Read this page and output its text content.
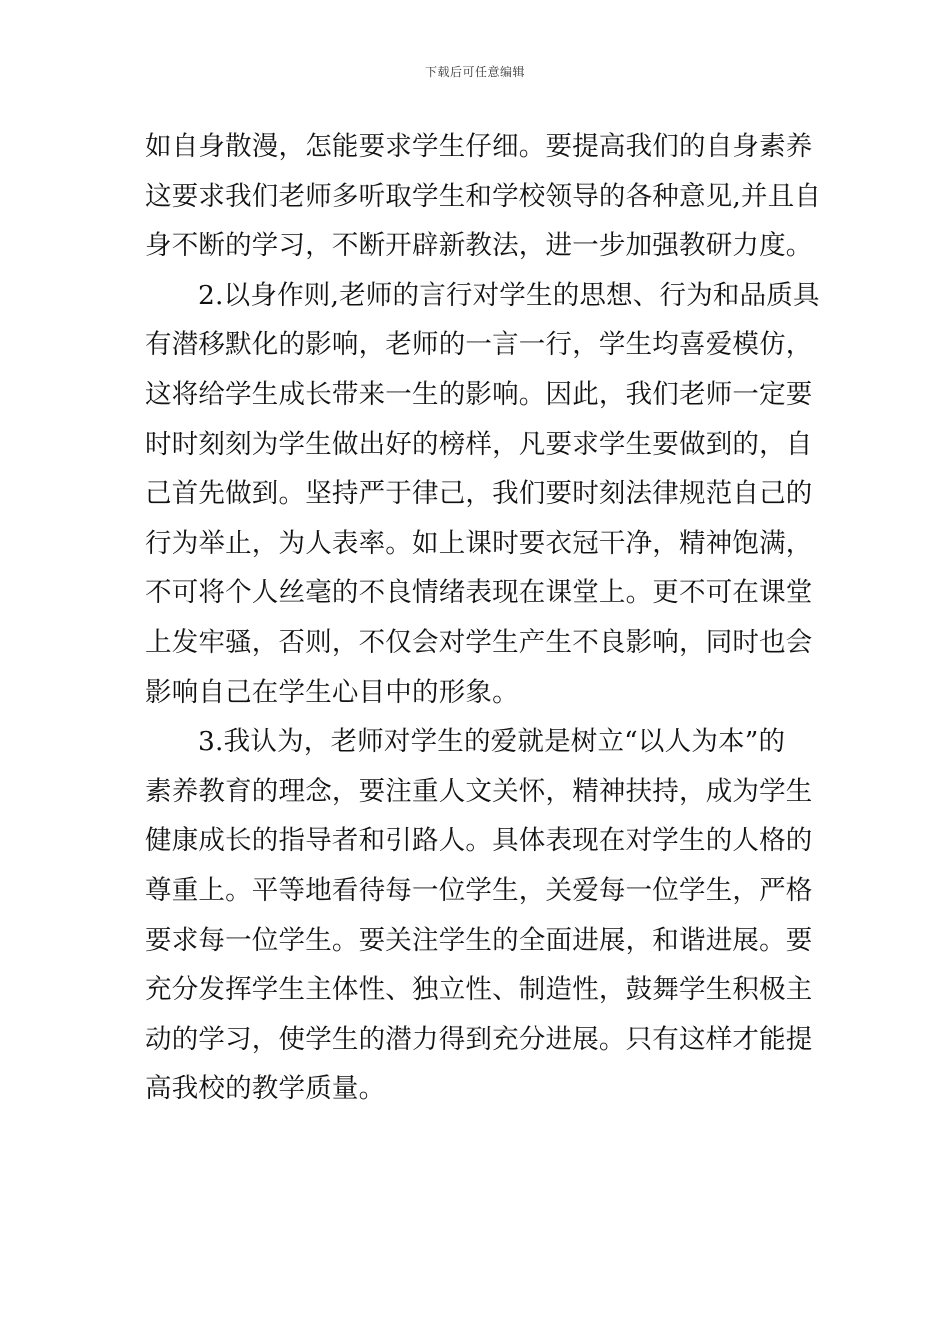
下载后可任意编辑
如自身散漫，怎能要求学生仔细。要提高我们的自身素养
这要求我们老师多听取学生和学校领导的各种意见,并且自
身不断的学习，不断开辟新教法，进一步加强教研力度。
2.以身作则,老师的言行对学生的思想、行为和品质具
有潜移默化的影响，老师的一言一行，学生均喜爱模仿，
这将给学生成长带来一生的影响。因此，我们老师一定要
时时刻刻为学生做出好的榜样，凡要求学生要做到的，自
己首先做到。坚持严于律己，我们要时刻法律规范自己的
行为举止，为人表率。如上课时要衣冠干净，精神饱满，
不可将个人丝毫的不良情绪表现在课堂上。更不可在课堂
上发牢骚，否则，不仅会对学生产生不良影响，同时也会
影响自己在学生心目中的形象。
3.我认为，老师对学生的爱就是树立“以人为本”的
素养教育的理念，要注重人文关怀，精神扶持，成为学生
健康成长的指导者和引路人。具体表现在对学生的人格的
尊重上。平等地看待每一位学生，关爱每一位学生，严格
要求每一位学生。要关注学生的全面进展，和谐进展。要
充分发挥学生主体性、独立性、制造性，鼓舞学生积极主
动的学习，使学生的潜力得到充分进展。只有这样才能提
高我校的教学质量。
